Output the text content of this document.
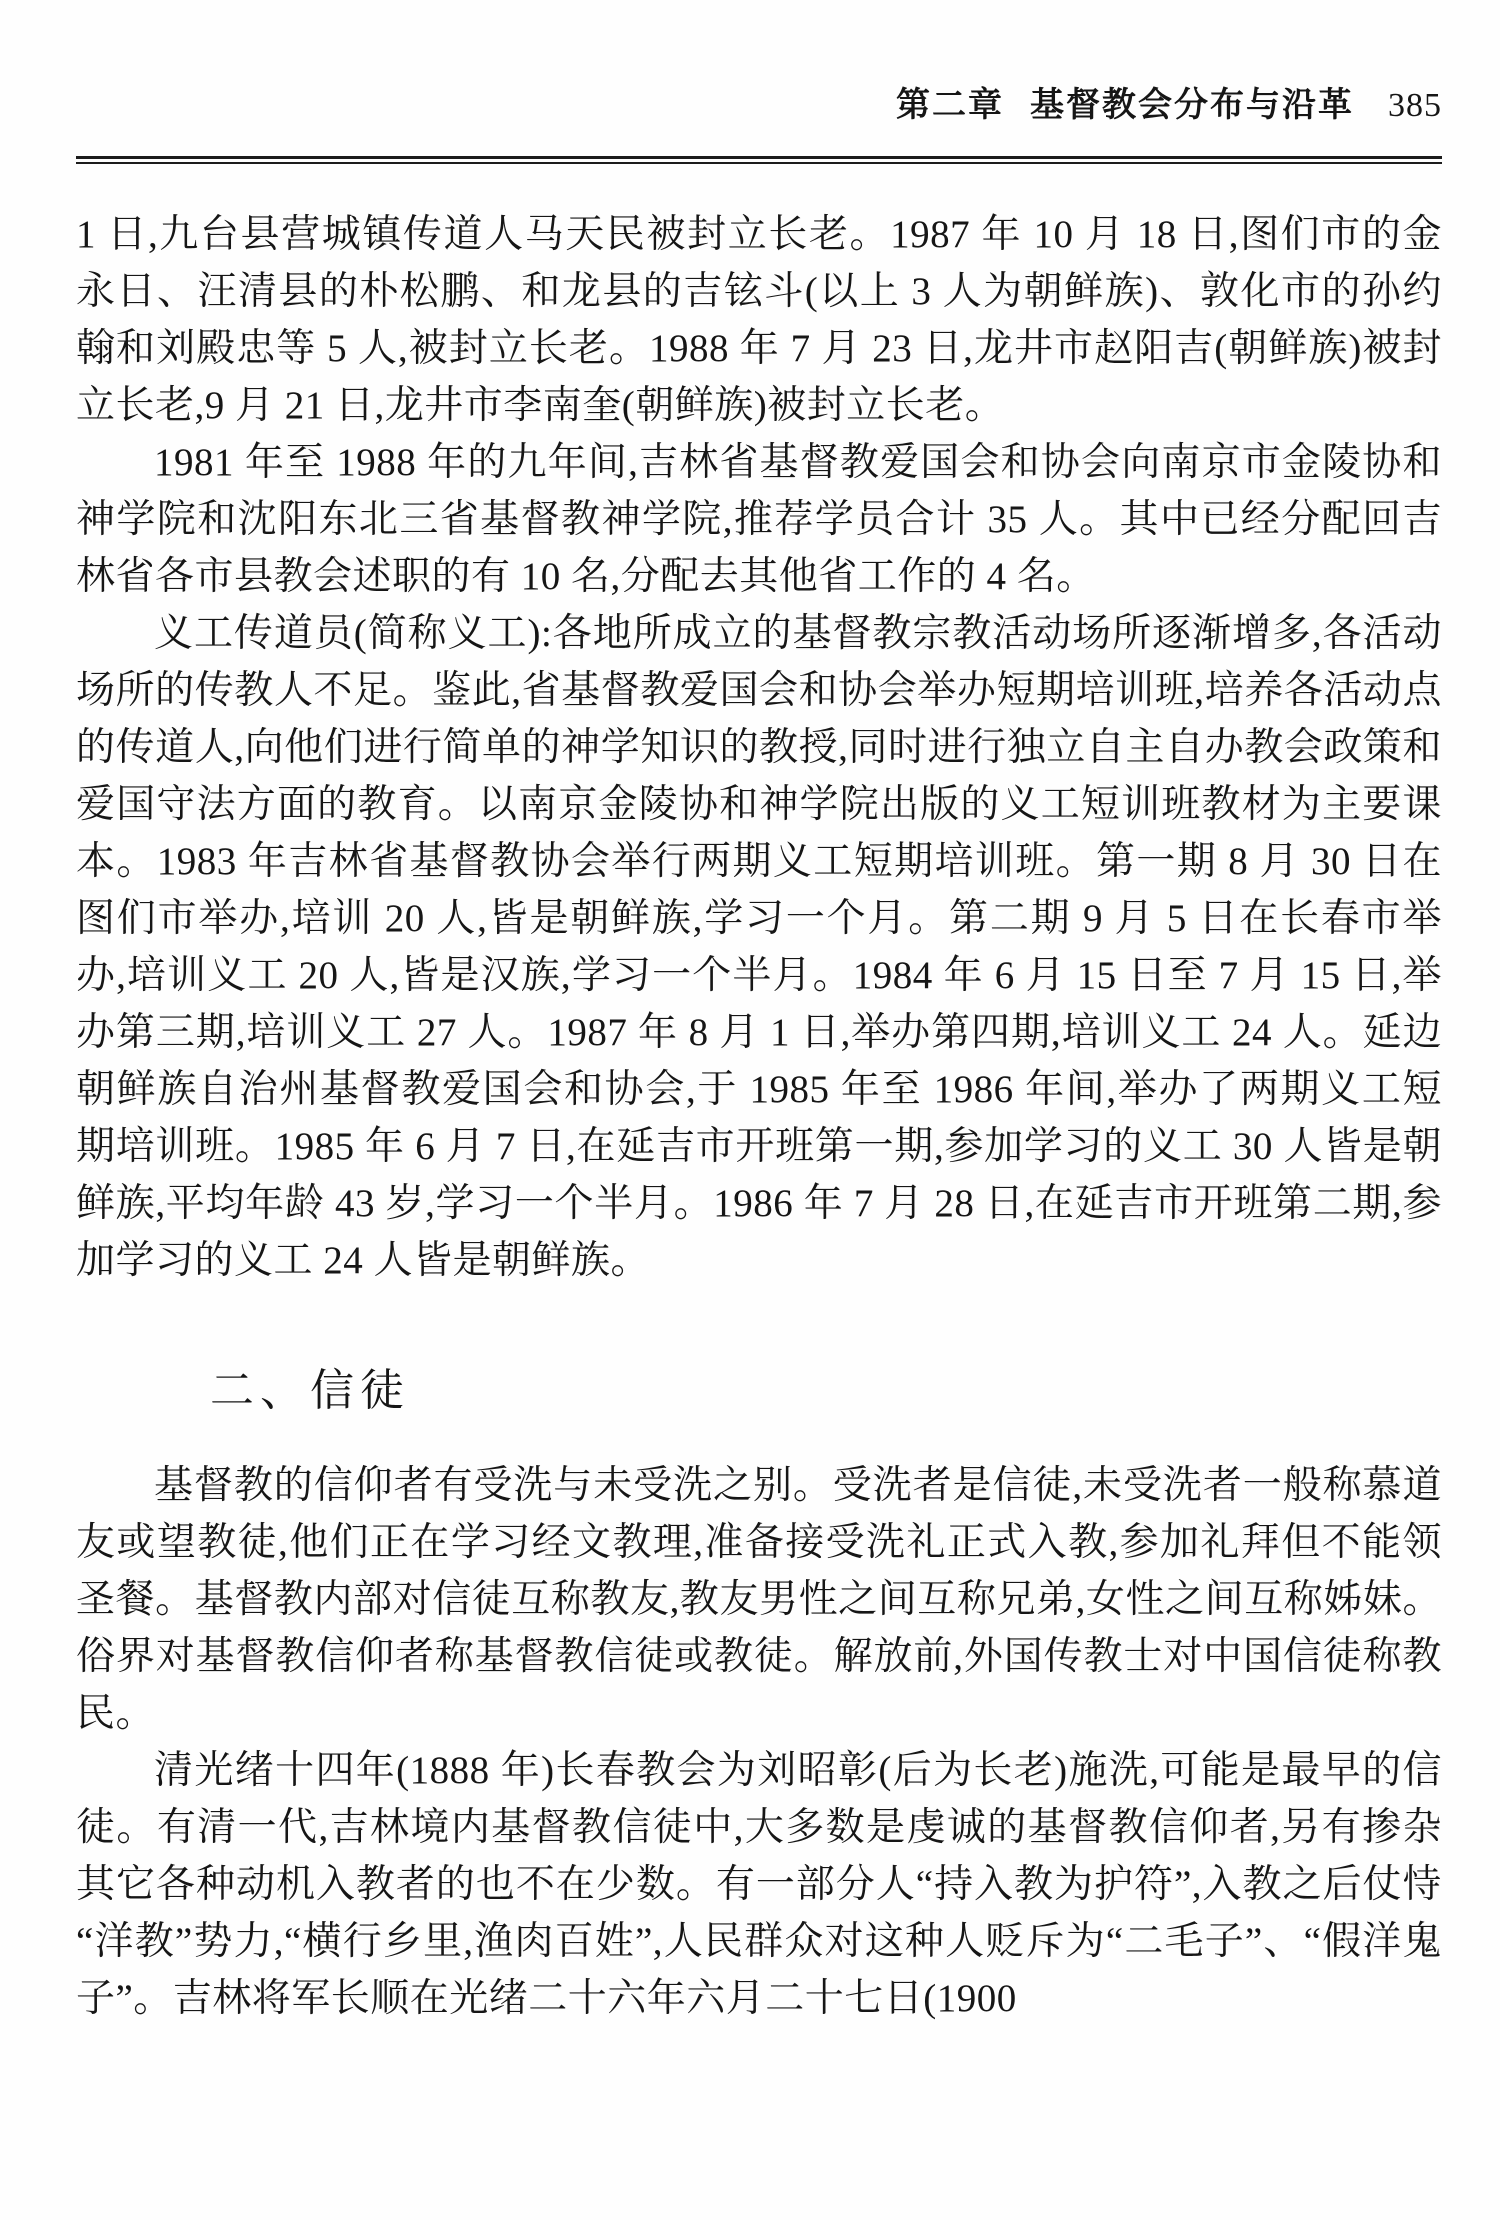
第二章 基督教会分布与沿革 385

1 日,九台县营城镇传道人马天民被封立长老。1987 年 10 月 18 日,图们市的金永日、汪清县的朴松鹏、和龙县的吉铉斗(以上 3 人为朝鲜族)、敦化市的孙约翰和刘殿忠等 5 人,被封立长老。1988 年 7 月 23 日,龙井市赵阳吉(朝鲜族)被封立长老,9 月 21 日,龙井市李南奎(朝鲜族)被封立长老。

1981 年至 1988 年的九年间,吉林省基督教爱国会和协会向南京市金陵协和神学院和沈阳东北三省基督教神学院,推荐学员合计 35 人。其中已经分配回吉林省各市县教会述职的有 10 名,分配去其他省工作的 4 名。

义工传道员(简称义工):各地所成立的基督教宗教活动场所逐渐增多,各活动场所的传教人不足。鉴此,省基督教爱国会和协会举办短期培训班,培养各活动点的传道人,向他们进行简单的神学知识的教授,同时进行独立自主自办教会政策和爱国守法方面的教育。以南京金陵协和神学院出版的义工短训班教材为主要课本。1983 年吉林省基督教协会举行两期义工短期培训班。第一期 8 月 30 日在图们市举办,培训 20 人,皆是朝鲜族,学习一个月。第二期 9 月 5 日在长春市举办,培训义工 20 人,皆是汉族,学习一个半月。1984 年 6 月 15 日至 7 月 15 日,举办第三期,培训义工 27 人。1987 年 8 月 1 日,举办第四期,培训义工 24 人。延边朝鲜族自治州基督教爱国会和协会,于 1985 年至 1986 年间,举办了两期义工短期培训班。1985 年 6 月 7 日,在延吉市开班第一期,参加学习的义工 30 人皆是朝鲜族,平均年龄 43 岁,学习一个半月。1986 年 7 月 28 日,在延吉市开班第二期,参加学习的义工 24 人皆是朝鲜族。

二、信徒

基督教的信仰者有受洗与未受洗之别。受洗者是信徒,未受洗者一般称慕道友或望教徒,他们正在学习经文教理,准备接受洗礼正式入教,参加礼拜但不能领圣餐。基督教内部对信徒互称教友,教友男性之间互称兄弟,女性之间互称姊妹。俗界对基督教信仰者称基督教信徒或教徒。解放前,外国传教士对中国信徒称教民。

清光绪十四年(1888 年)长春教会为刘昭彰(后为长老)施洗,可能是最早的信徒。有清一代,吉林境内基督教信徒中,大多数是虔诚的基督教信仰者,另有掺杂其它各种动机入教者的也不在少数。有一部分人“持入教为护符”,入教之后仗恃“洋教”势力,“横行乡里,渔肉百姓”,人民群众对这种人贬斥为“二毛子”、“假洋鬼子”。吉林将军长顺在光绪二十六年六月二十七日(1900
